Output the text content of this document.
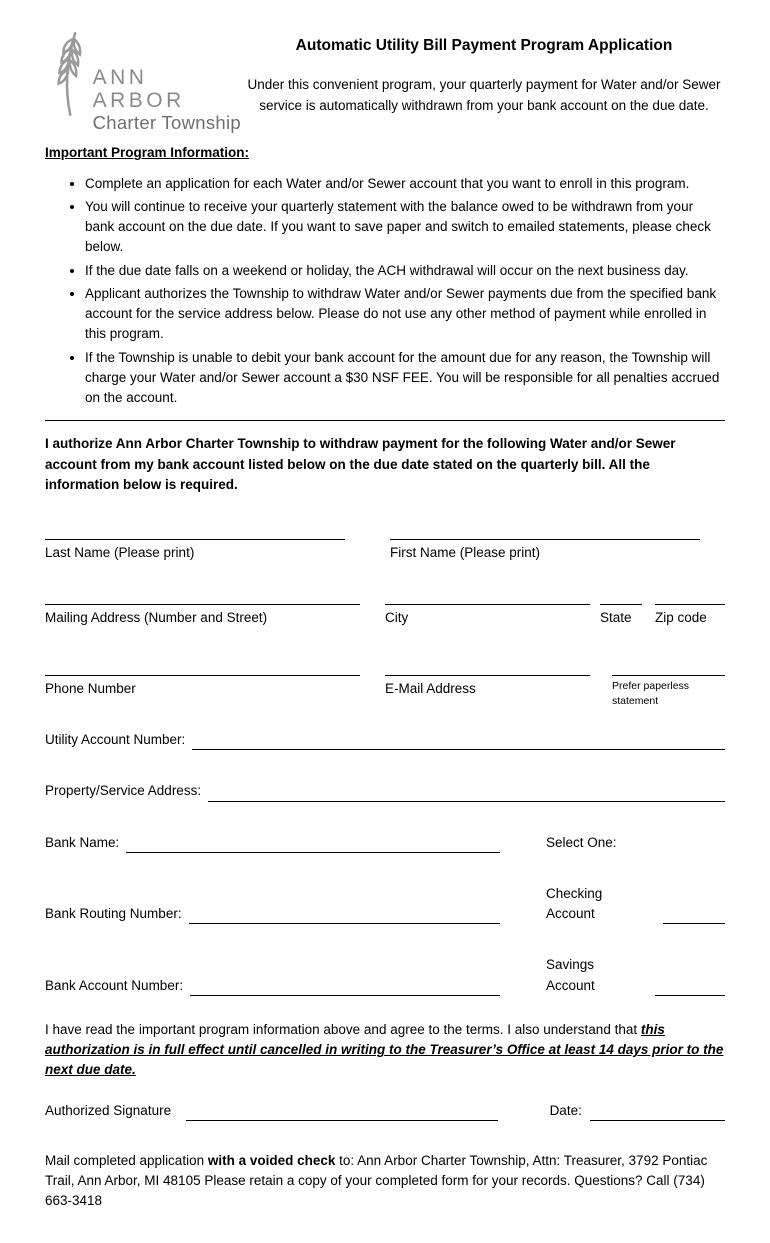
ANN ARBOR
Charter Township
Automatic Utility Bill Payment Program Application

Under this convenient program, your quarterly payment for Water and/or Sewer service is automatically withdrawn from your bank account on the due date.

Important Program Information:
• Complete an application for each Water and/or Sewer account that you want to enroll in this program.
• You will continue to receive your quarterly statement with the balance owed to be withdrawn from your bank account on the due date. If you want to save paper and switch to emailed statements, please check below.
• If the due date falls on a weekend or holiday, the ACH withdrawal will occur on the next business day.
• Applicant authorizes the Township to withdraw Water and/or Sewer payments due from the specified bank account for the service address below. Please do not use any other method of payment while enrolled in this program.
• If the Township is unable to debit your bank account for the amount due for any reason, the Township will charge your Water and/or Sewer account a $30 NSF FEE. You will be responsible for all penalties accrued on the account.

I authorize Ann Arbor Charter Township to withdraw payment for the following Water and/or Sewer account from my bank account listed below on the due date stated on the quarterly bill. All the information below is required.

Last Name (Please print)	First Name (Please print)
Mailing Address (Number and Street)	City	State	Zip code
Phone Number	E-Mail Address	Prefer paperless statement
Utility Account Number:
Property/Service Address:
Bank Name:	Select One:
Bank Routing Number:
Checking Account
Bank Account Number:
Savings Account

I have read the important program information above and agree to the terms. I also understand that this authorization is in full effect until cancelled in writing to the Treasurer’s Office at least 14 days prior to the next due date.

Authorized Signature	Date:

Mail completed application with a voided check to: Ann Arbor Charter Township, Attn: Treasurer, 3792 Pontiac Trail, Ann Arbor, MI 48105 Please retain a copy of your completed form for your records. Questions? Call (734) 663-3418
